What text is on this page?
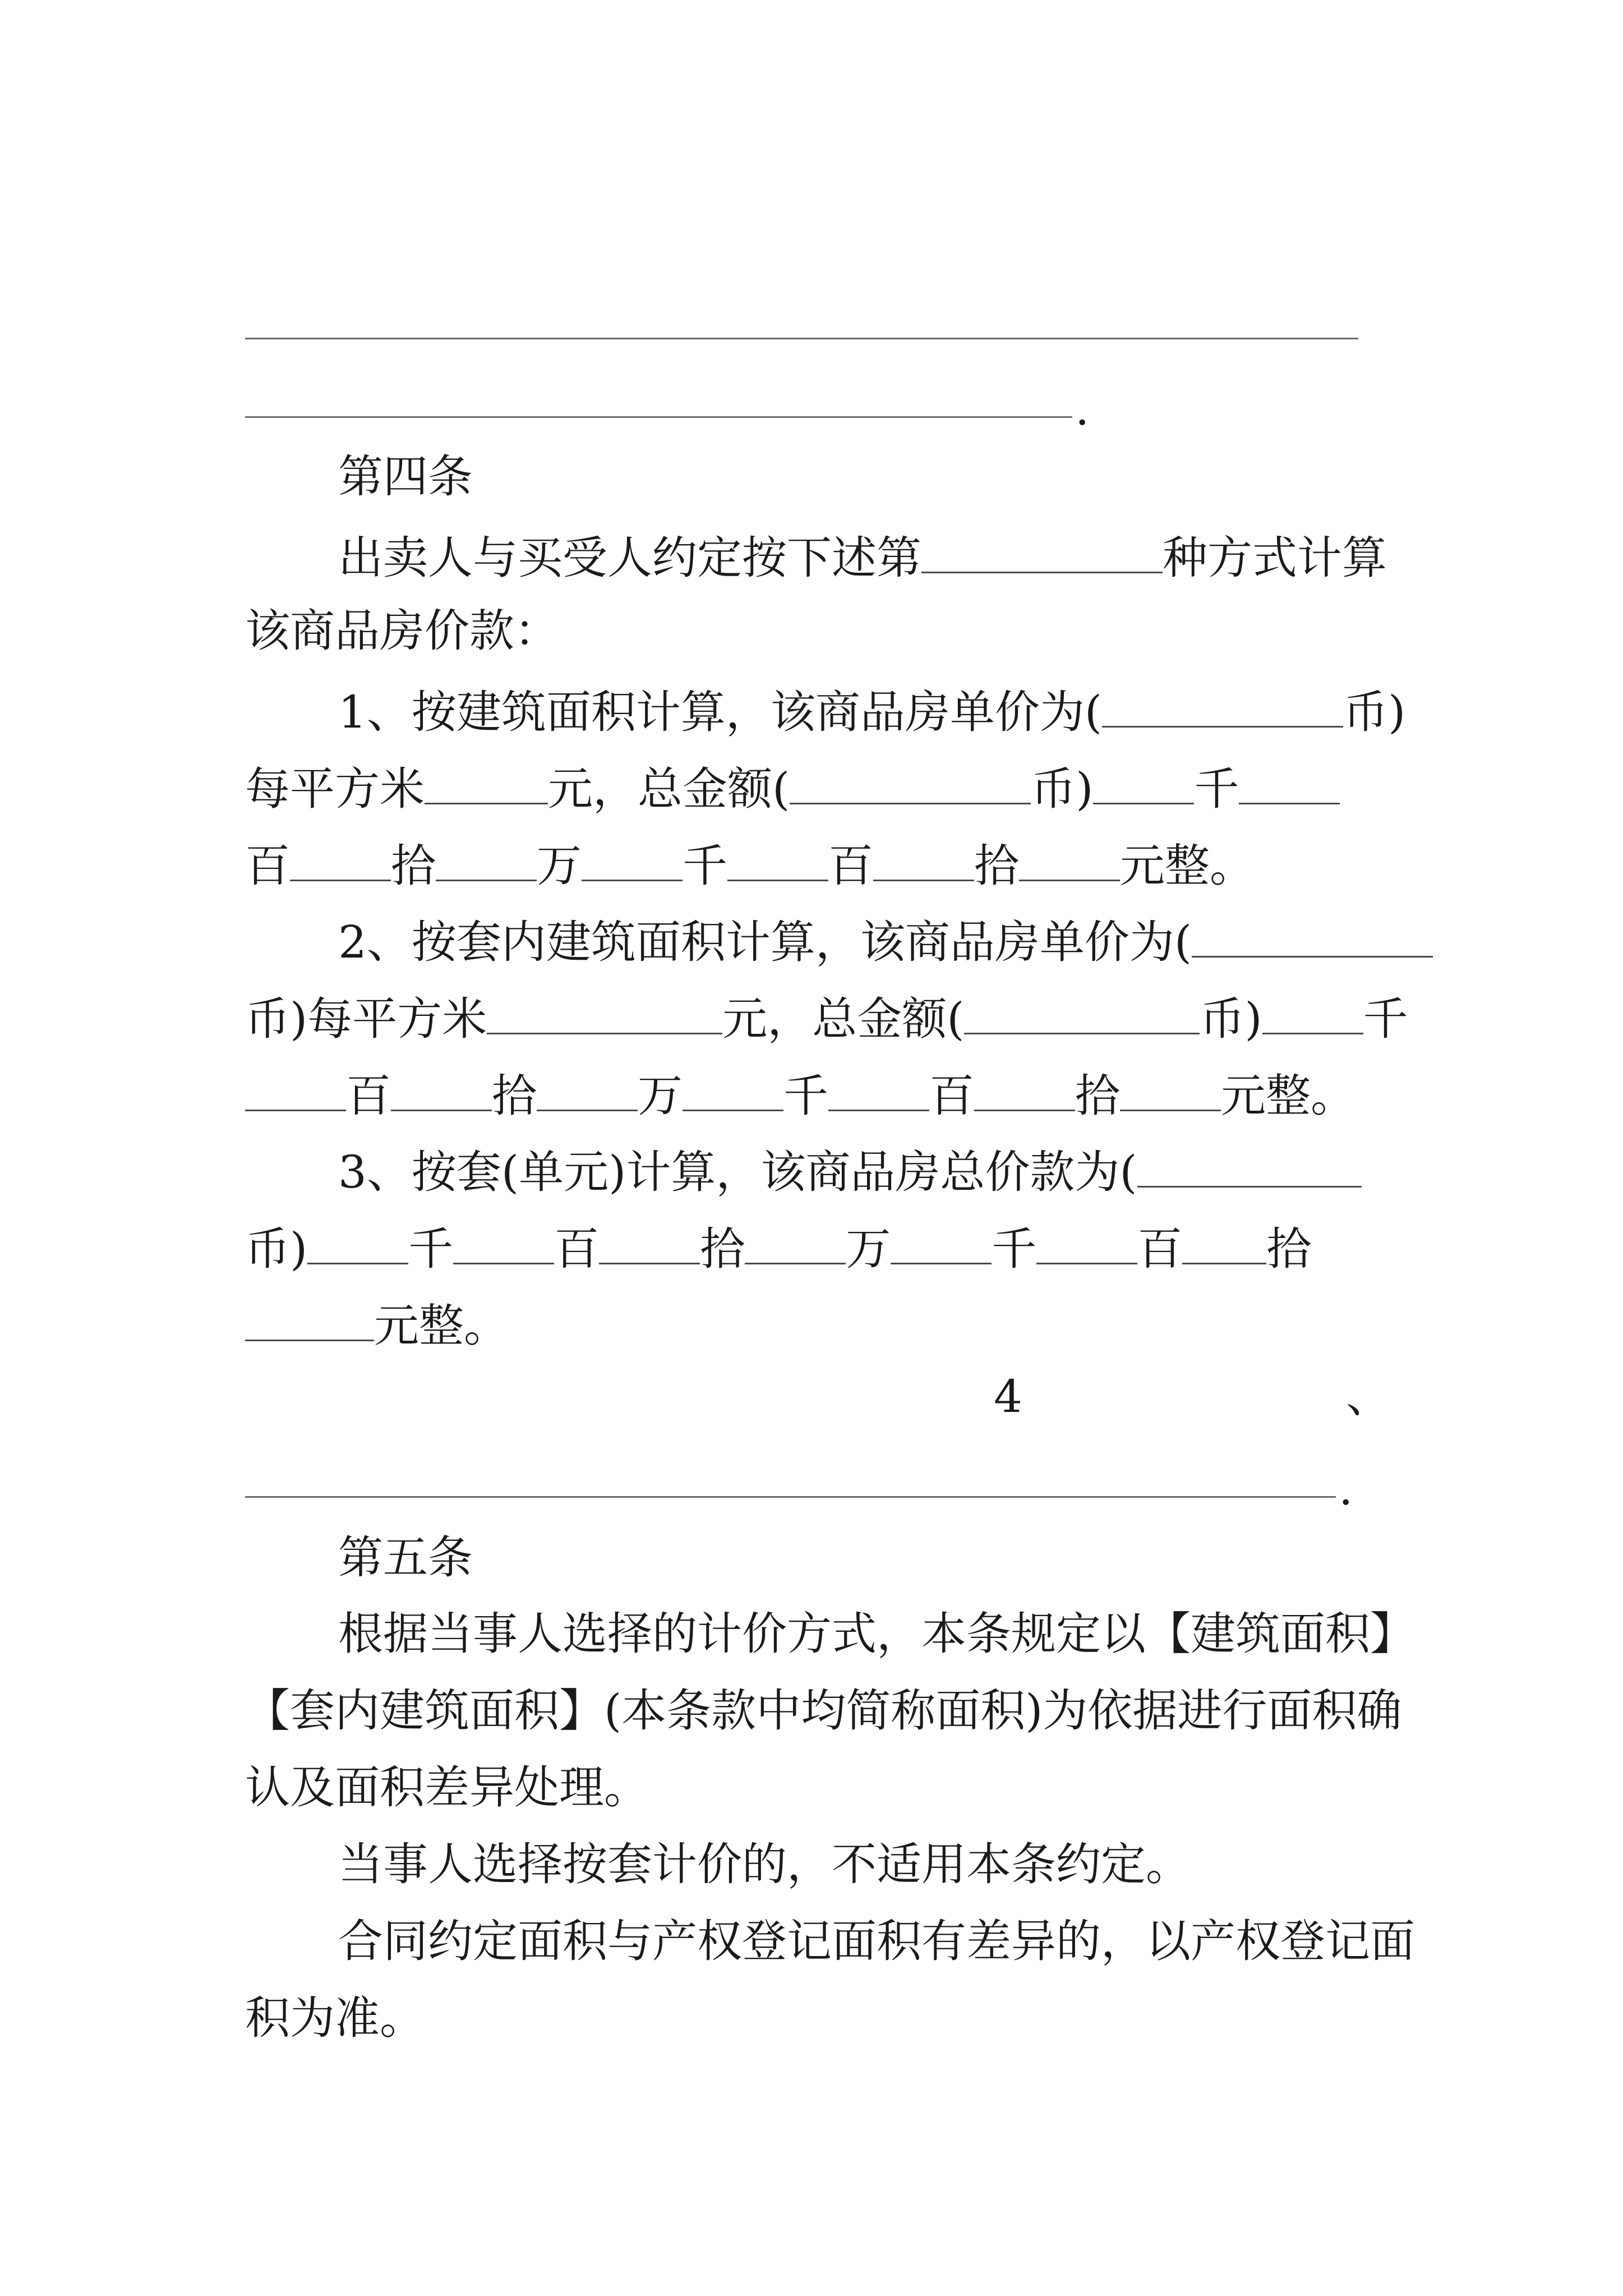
.
第四条
出卖人与买受人约定按下述第	种方式计算
该商品房价款：
1、按建筑面积计算，该商品房单价为(	币)
每平方米	元，总金额(	币) 千
百 拾 万 千 百 拾 元整。
2、按套内建筑面积计算，该商品房单价为(
币)每平方米	元，总金额(	币) 千
百 拾 万 千 百 拾 元整。
3、按套(单元)计算，该商品房总价款为(
币) 千 百 拾 万 千 百 拾
元整。
4	、
.
第五条
根据当事人选择的计价方式，本条规定以【建筑面积】
【套内建筑面积】(本条款中均简称面积)为依据进行面积确
认及面积差异处理。
当事人选择按套计价的，不适用本条约定。
合同约定面积与产权登记面积有差异的，以产权登记面
积为准。
